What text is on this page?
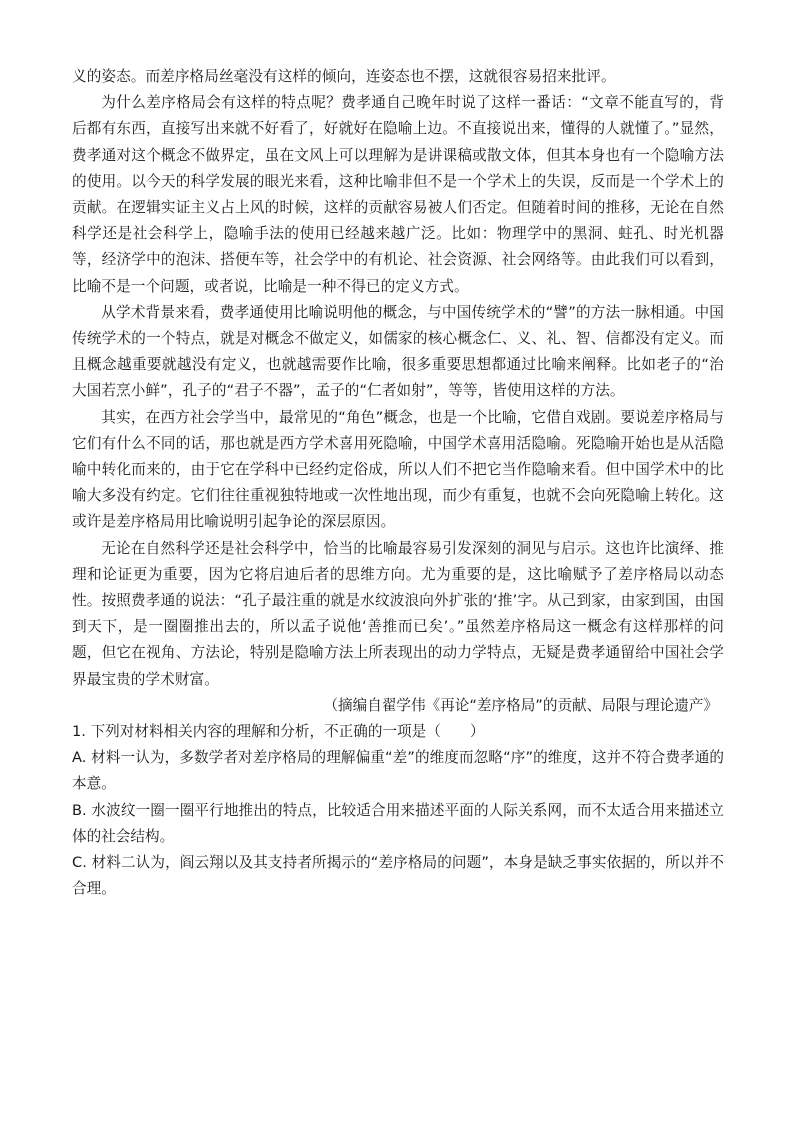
义的姿态。而差序格局丝毫没有这样的倾向，连姿态也不摆，这就很容易招来批评。

为什么差序格局会有这样的特点呢？费孝通自己晚年时说了这样一番话：“文章不能直写的，背后都有东西，直接写出来就不好看了，好就好在隐喻上边。不直接说出来，懂得的人就懂了。”显然，费孝通对这个概念不做界定，虽在文风上可以理解为是讲课稿或散文体，但其本身也有一个隐喻方法的使用。以今天的科学发展的眼光来看，这种比喻非但不是一个学术上的失误，反而是一个学术上的贡献。在逻辑实证主义占上风的时候，这样的贡献容易被人们否定。但随着时间的推移，无论在自然科学还是社会科学上，隐喻手法的使用已经越来越广泛。比如：物理学中的黑洞、蛀孔、时光机器等，经济学中的泡沫、搭便车等，社会学中的有机论、社会资源、社会网络等。由此我们可以看到，比喻不是一个问题，或者说，比喻是一种不得已的定义方式。

从学术背景来看，费孝通使用比喻说明他的概念，与中国传统学术的“譬”的方法一脉相通。中国传统学术的一个特点，就是对概念不做定义，如儒家的核心概念仁、义、礼、智、信都没有定义。而且概念越重要就越没有定义，也就越需要作比喻，很多重要思想都通过比喻来阐释。比如老子的“治大国若烹小鲜”，孔子的“君子不器”，孟子的“仁者如射”，等等，皆使用这样的方法。

其实，在西方社会学当中，最常见的“角色”概念，也是一个比喻，它借自戏剧。要说差序格局与它们有什么不同的话，那也就是西方学术喜用死隐喻，中国学术喜用活隐喻。死隐喻开始也是从活隐喻中转化而来的，由于它在学科中已经约定俗成，所以人们不把它当作隐喻来看。但中国学术中的比喻大多没有约定。它们往往重视独特地或一次性地出现，而少有重复，也就不会向死隐喻上转化。这或许是差序格局用比喻说明引起争论的深层原因。

无论在自然科学还是社会科学中，恰当的比喻最容易引发深刻的洞见与启示。这也许比演绎、推理和论证更为重要，因为它将启迪后者的思维方向。尤为重要的是，这比喻赋予了差序格局以动态性。按照费孝通的说法：“孔子最注重的就是水纹波浪向外扩张的‘推’字。从己到家，由家到国，由国到天下，是一圈圈推出去的，所以孟子说他‘善推而已矣’。”虽然差序格局这一概念有这样那样的问题，但它在视角、方法论，特别是隐喻方法上所表现出的动力学特点，无疑是费孝通留给中国社会学界最宝贵的学术财富。

（摘编自翟学伟《再论“差序格局”的贡献、局限与理论遗产》

1. 下列对材料相关内容的理解和分析，不正确的一项是（　　）

A. 材料一认为，多数学者对差序格局的理解偏重“差”的维度而忽略“序”的维度，这并不符合费孝通的本意。

B. 水波纹一圈一圈平行地推出的特点，比较适合用来描述平面的人际关系网，而不太适合用来描述立体的社会结构。

C. 材料二认为，阎云翔以及其支持者所揭示的“差序格局的问题”，本身是缺乏事实依据的，所以并不合理。
